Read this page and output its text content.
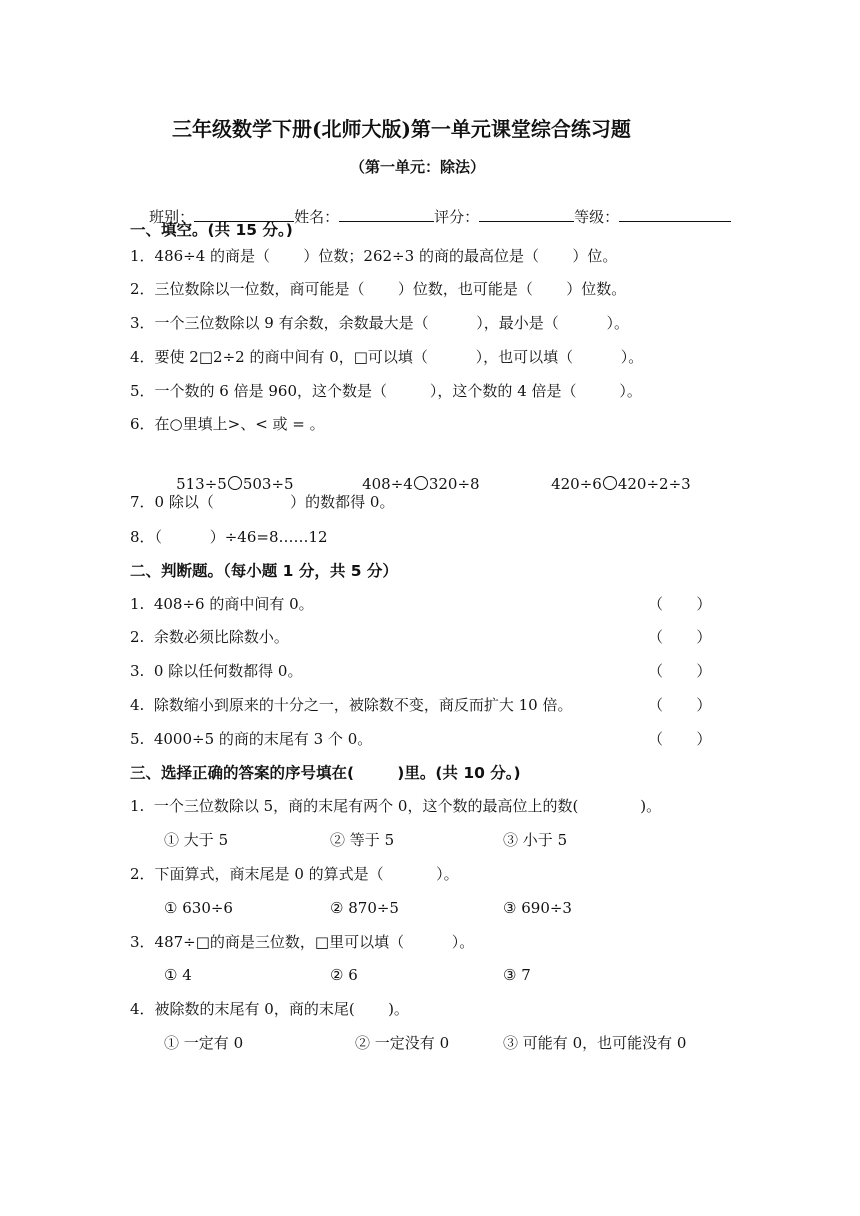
三年级数学下册(北师大版)第一单元课堂综合练习题
（第一单元：除法）

班别：	姓名：	评分：	等级：

一、填空。(共 15 分。)
1．486÷4 的商是（       ）位数；262÷3 的商的最高位是（       ）位。
2．三位数除以一位数，商可能是（       ）位数，也可能是（       ）位数。
3．一个三位数除以 9 有余数，余数最大是（          ），最小是（          ）。
4．要使 2□2÷2 的商中间有 0，□可以填（          ），也可以填（          ）。
5．一个数的 6 倍是 960，这个数是（         ），这个数的 4 倍是（         ）。
6．在○里填上>、< 或 = 。

513÷5 503÷5
	408÷4 320÷8
	420÷6 420÷2÷3

7．0 除以（                ）的数都得 0。
8．（          ）÷46=8……12
二、判断题。（每小题 1 分，共 5 分）
1.  408÷6 的商中间有 0。	（       ）
2.  余数必须比除数小。	（       ）
3.  0 除以任何数都得 0。	（       ）
4.  除数缩小到原来的十分之一，被除数不变，商反而扩大 10 倍。	（       ）
5.  4000÷5 的商的末尾有 3 个 0。	（       ）
三、选择正确的答案的序号填在(        )里。(共 10 分。)
1.  一个三位数除以 5，商的末尾有两个 0，这个数的最高位上的数(             )。
① 大于 5	② 等于 5	③ 小于 5
2．下面算式，商末尾是 0 的算式是（           ）。
① 630÷6	② 870÷5	③ 690÷3
3．487÷□的商是三位数，□里可以填（          ）。
① 4	② 6	③ 7
4．被除数的末尾有 0，商的末尾(       )。
① 一定有 0	② 一定没有 0	③ 可能有 0，也可能没有 0
